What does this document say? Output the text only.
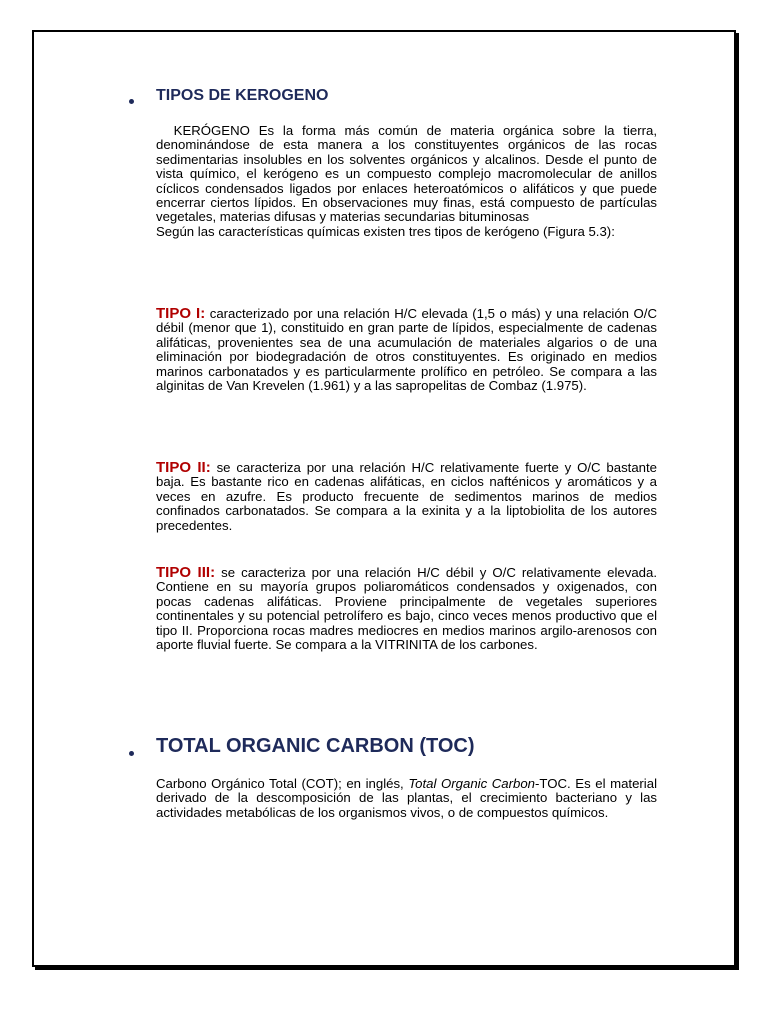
TIPOS DE KEROGENO

KERÓGENO Es la forma más común de materia orgánica sobre la tierra, denominándose de esta manera a los constituyentes orgánicos de las rocas sedimentarias insolubles en los solventes orgánicos y alcalinos. Desde el punto de vista químico, el kerógeno es un compuesto complejo macromolecular de anillos cíclicos condensados ligados por enlaces heteroatómicos o alifáticos y que puede encerrar ciertos lípidos. En observaciones muy finas, está compuesto de partículas vegetales, materias difusas y materias secundarias bituminosas
Según las características químicas existen tres tipos de kerógeno (Figura 5.3):

TIPO I: caracterizado por una relación H/C elevada (1,5 o más) y una relación O/C débil (menor que 1), constituido en gran parte de lípidos, especialmente de cadenas alifáticas, provenientes sea de una acumulación de materiales algarios o de una eliminación por biodegradación de otros constituyentes. Es originado en medios marinos carbonatados y es particularmente prolífico en petróleo. Se compara a las alginitas de Van Krevelen (1.961) y a las sapropelitas de Combaz (1.975).

TIPO II: se caracteriza por una relación H/C relativamente fuerte y O/C bastante baja. Es bastante rico en cadenas alifáticas, en ciclos nafténicos y aromáticos y a veces en azufre. Es producto frecuente de sedimentos marinos de medios confinados carbonatados. Se compara a la exinita y a la liptobiolita de los autores precedentes.

TIPO III: se caracteriza por una relación H/C débil y O/C relativamente elevada. Contiene en su mayoría grupos poliaromáticos condensados y oxigenados, con pocas cadenas alifáticas. Proviene principalmente de vegetales superiores continentales y su potencial petrolífero es bajo, cinco veces menos productivo que el tipo II. Proporciona rocas madres mediocres en medios marinos argilo-arenosos con aporte fluvial fuerte. Se compara a la VITRINITA de los carbones.

TOTAL ORGANIC CARBON (TOC)

Carbono Orgánico Total (COT); en inglés, Total Organic Carbon-TOC. Es el material derivado de la descomposición de las plantas, el crecimiento bacteriano y las actividades metabólicas de los organismos vivos, o de compuestos químicos.
